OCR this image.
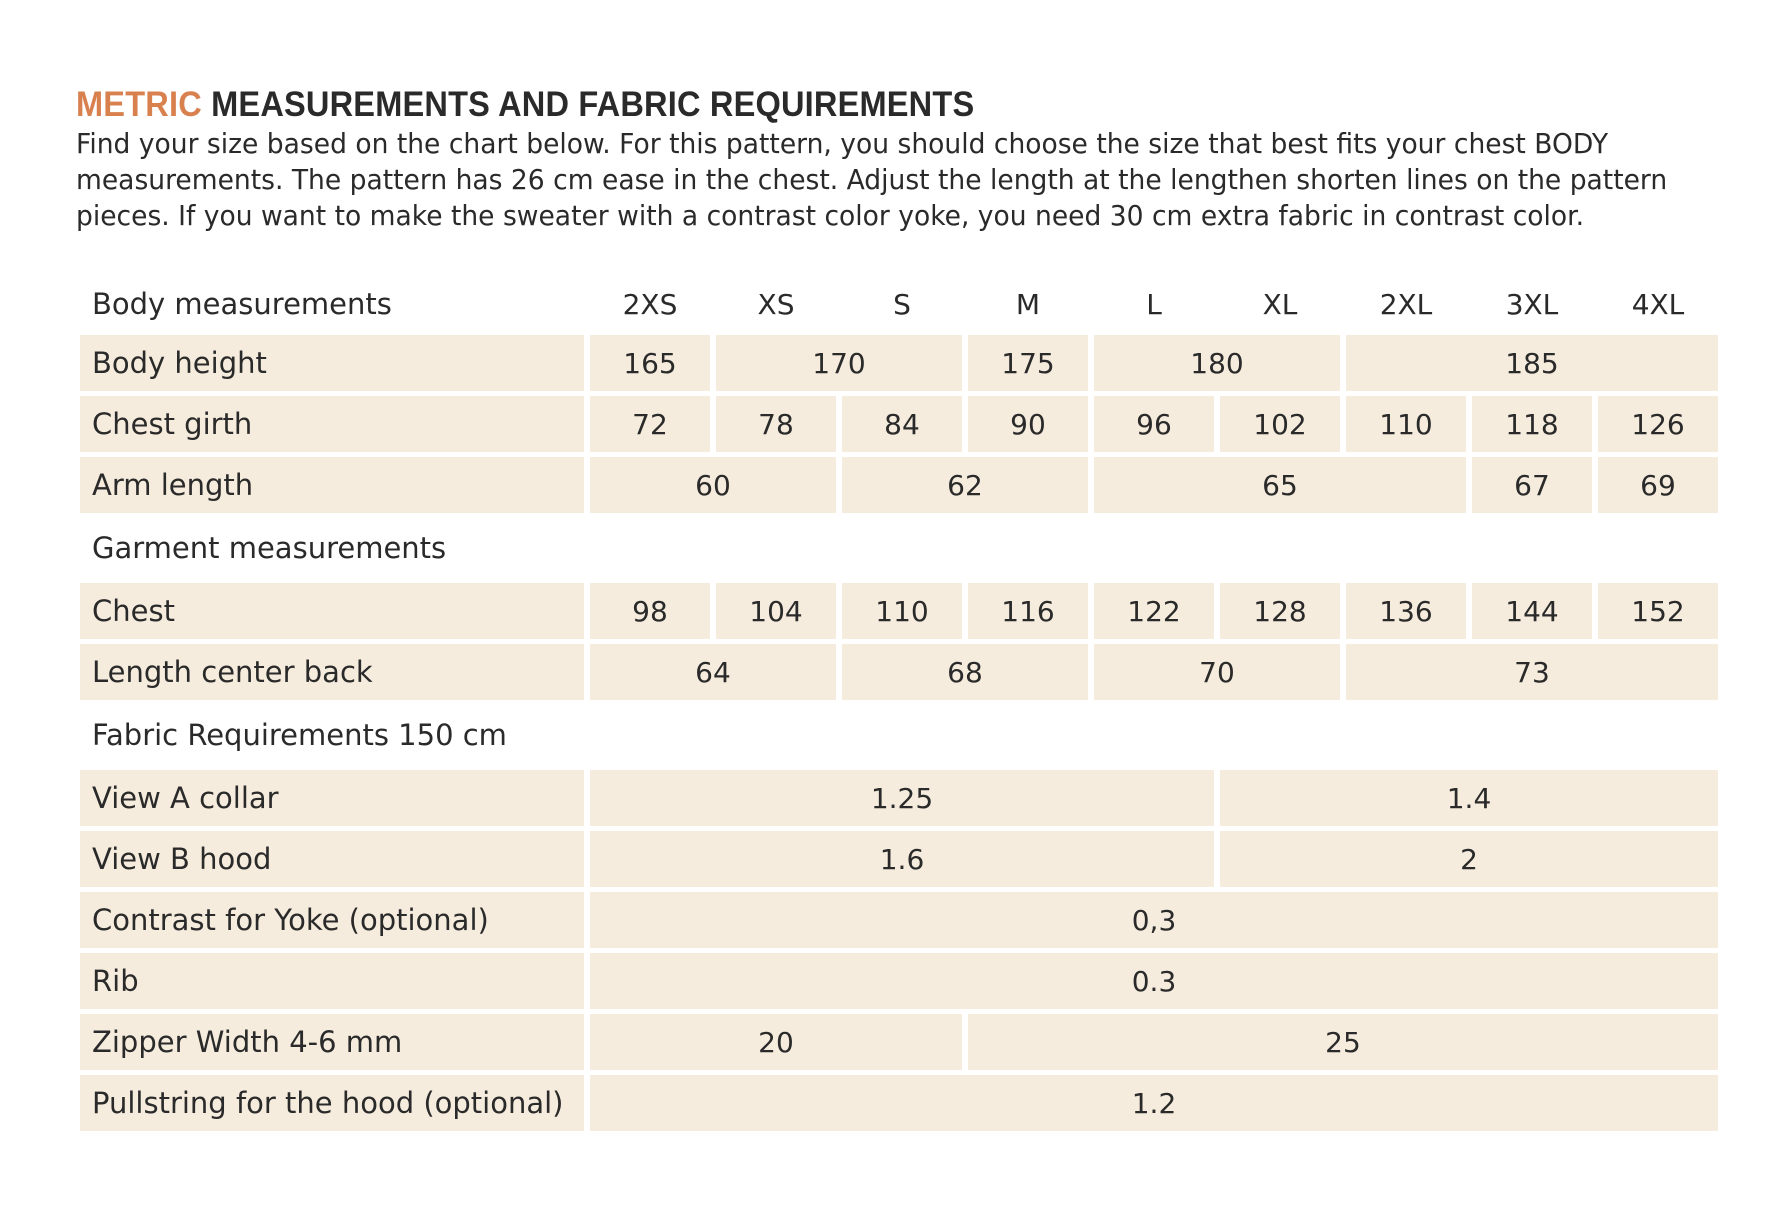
METRIC MEASUREMENTS AND FABRIC REQUIREMENTS

Find your size based on the chart below. For this pattern, you should choose the size that best fits your chest BODY measurements. The pattern has 26 cm ease in the chest. Adjust the length at the lengthen shorten lines on the pattern pieces. If you want to make the sweater with a contrast color yoke, you need 30 cm extra fabric in contrast color.

Body measurements	2XS	XS	S	M	L	XL	2XL	3XL	4XL
Body height	165	170	175	180	185
Chest girth	72	78	84	90	96	102	110	118	126
Arm length	60	62	65	67	69
Garment measurements
Chest	98	104	110	116	122	128	136	144	152
Length center back	64	68	70	73
Fabric Requirements 150 cm
View A collar	1.25	1.4
View B hood	1.6	2
Contrast for Yoke (optional)	0,3
Rib	0.3
Zipper Width 4-6 mm	20	25
Pullstring for the hood (optional)	1.2
